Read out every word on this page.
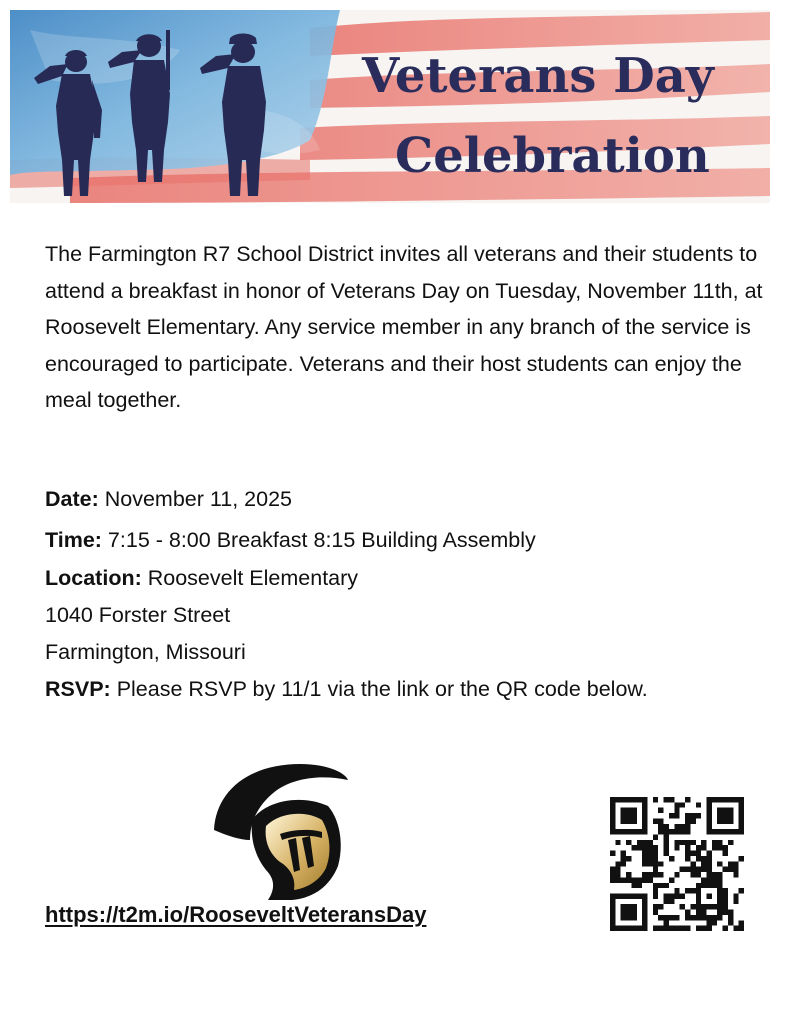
Veterans Day
Celebration

The Farmington R7 School District invites all veterans and their students to attend a breakfast in honor of Veterans Day on Tuesday, November 11th, at Roosevelt Elementary. Any service member in any branch of the service is encouraged to participate. Veterans and their host students can enjoy the meal together.

Date: November 11, 2025
Time: 7:15 - 8:00 Breakfast 8:15 Building Assembly
Location: Roosevelt Elementary
1040 Forster Street
Farmington, Missouri
RSVP: Please RSVP by 11/1 via the link or the QR code below.
https://t2m.io/RooseveltVeteransDay
